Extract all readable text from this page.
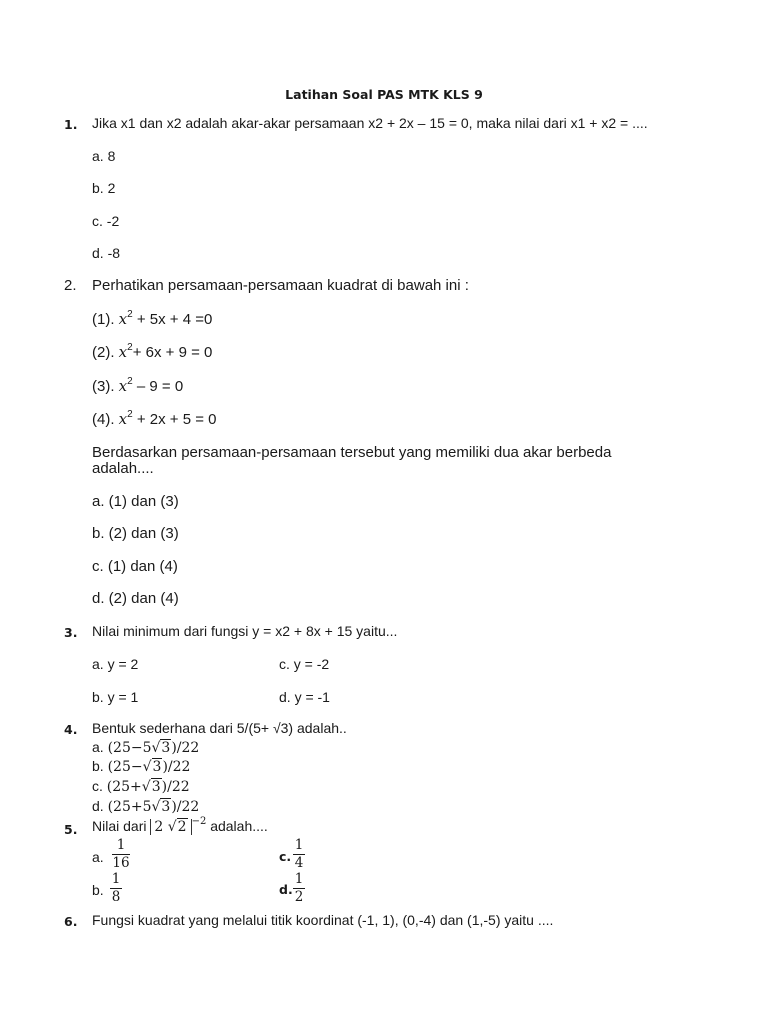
Latihan Soal PAS MTK KLS 9
1. Jika x1 dan x2 adalah akar-akar persamaan x2 + 2x – 15 = 0, maka nilai dari x1 + x2 = ....
a. 8
b. 2
c. -2
d. -8
2. Perhatikan persamaan-persamaan kuadrat di bawah ini :
(1). $x^2 + 5x + 4 =0$
(2). $x^2+ 6x + 9 = 0$
(3). $x^2 - 9 = 0$
(4). $x^2 + 2x + 5 = 0$
Berdasarkan persamaan-persamaan tersebut yang memiliki dua akar berbeda
adalah....
a. (1) dan (3)
b. (2) dan (3)
c. (1) dan (4)
d. (2) dan (4)
3. Nilai minimum dari fungsi y = x2 + 8x + 15 yaitu...
a. y = 2	c. y = -2
b. y = 1	d. y = -1
4. Bentuk sederhana dari 5/(5+ √3) adalah..
a. (25−5√3)/22
b. (25−√3)/22
c. (25+√3)/22
d. (25+5√3)/22
5. Nilai dari 2 √2 $^{-2}$ adalah....
a.
1
16	c.
1
4
b.
1
8	d.
1
2
6. Fungsi kuadrat yang melalui titik koordinat (-1, 1), (0,-4) dan (1,-5) yaitu ....
